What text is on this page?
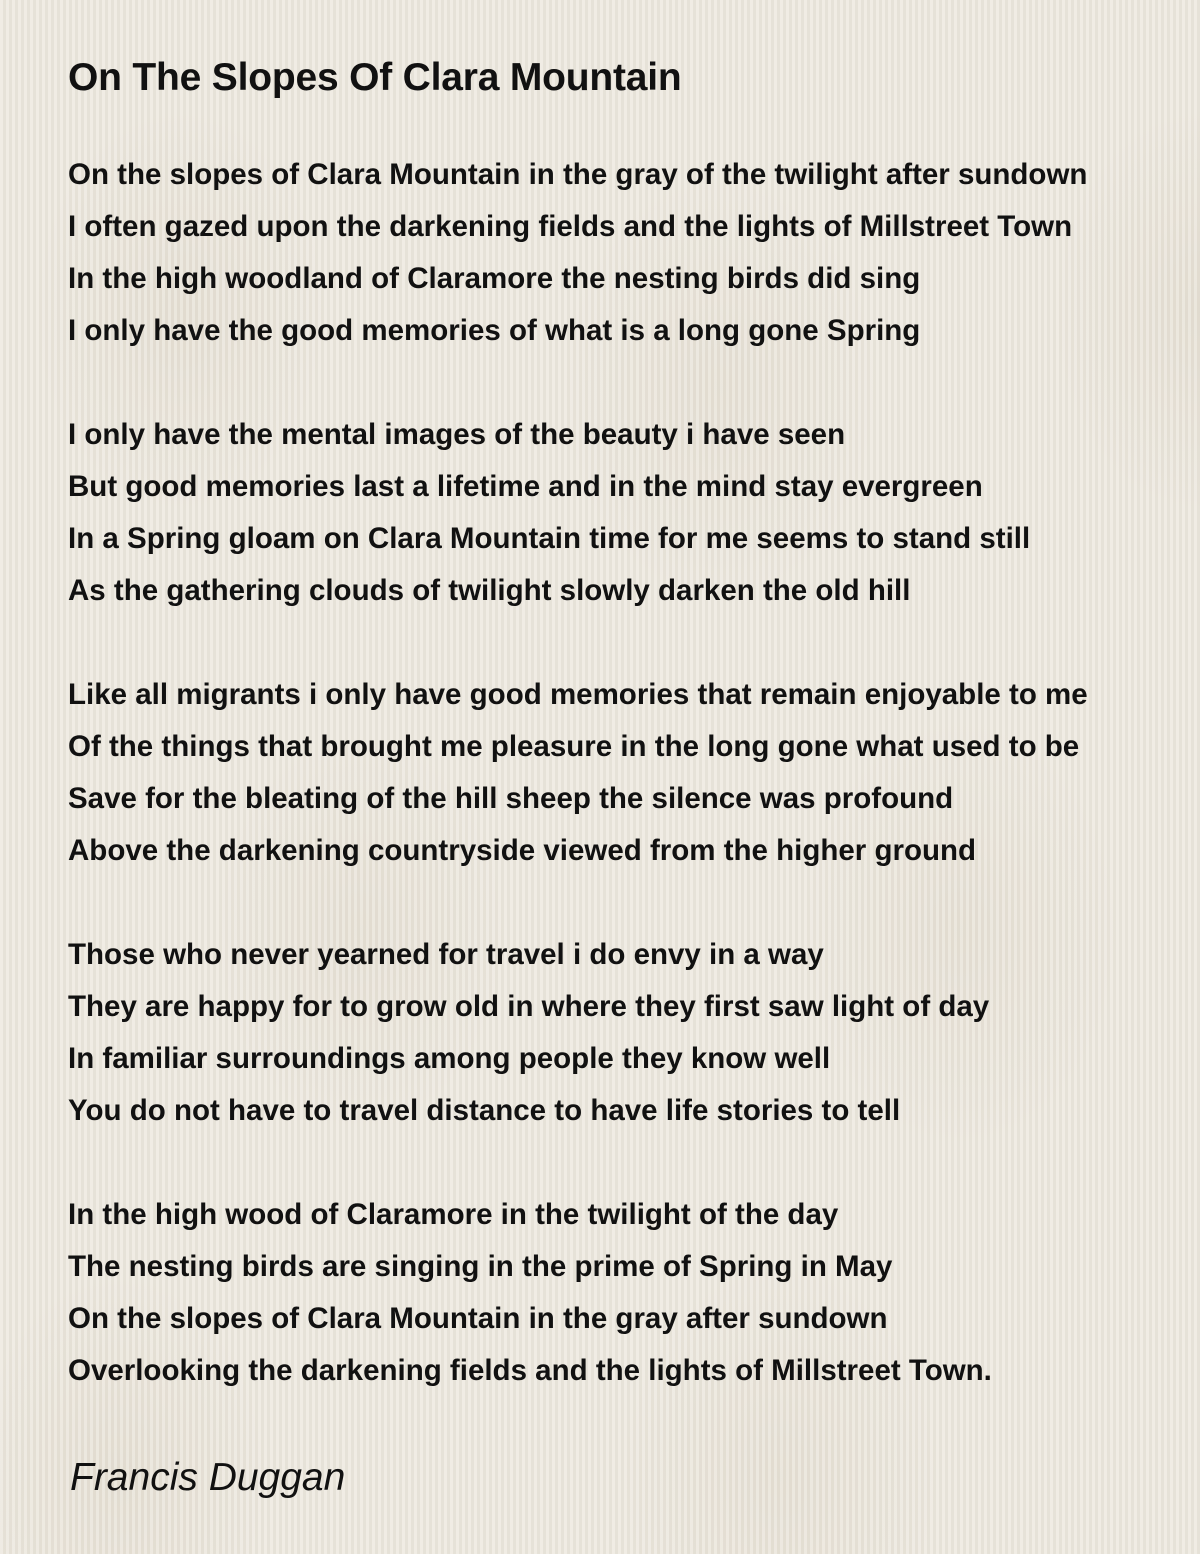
On The Slopes Of Clara Mountain
On the slopes of Clara Mountain in the gray of the twilight after sundown
I often gazed upon the darkening fields and the lights of Millstreet Town
In the high woodland of Claramore the nesting birds did sing
I only have the good memories of what is a long gone Spring
I only have the mental images of the beauty i have seen
But good memories last a lifetime and in the mind stay evergreen
In a Spring gloam on Clara Mountain time for me seems to stand still
As the gathering clouds of twilight slowly darken the old hill
Like all migrants i only have good memories that remain enjoyable to me
Of the things that brought me pleasure in the long gone what used to be
Save for the bleating of the hill sheep the silence was profound
Above the darkening countryside viewed from the higher ground
Those who never yearned for travel i do envy in a way
They are happy for to grow old in where they first saw light of day
In familiar surroundings among people they know well
You do not have to travel distance to have life stories to tell
In the high wood of Claramore in the twilight of the day
The nesting birds are singing in the prime of Spring in May
On the slopes of Clara Mountain in the gray after sundown
Overlooking the darkening fields and the lights of Millstreet Town.
Francis Duggan
